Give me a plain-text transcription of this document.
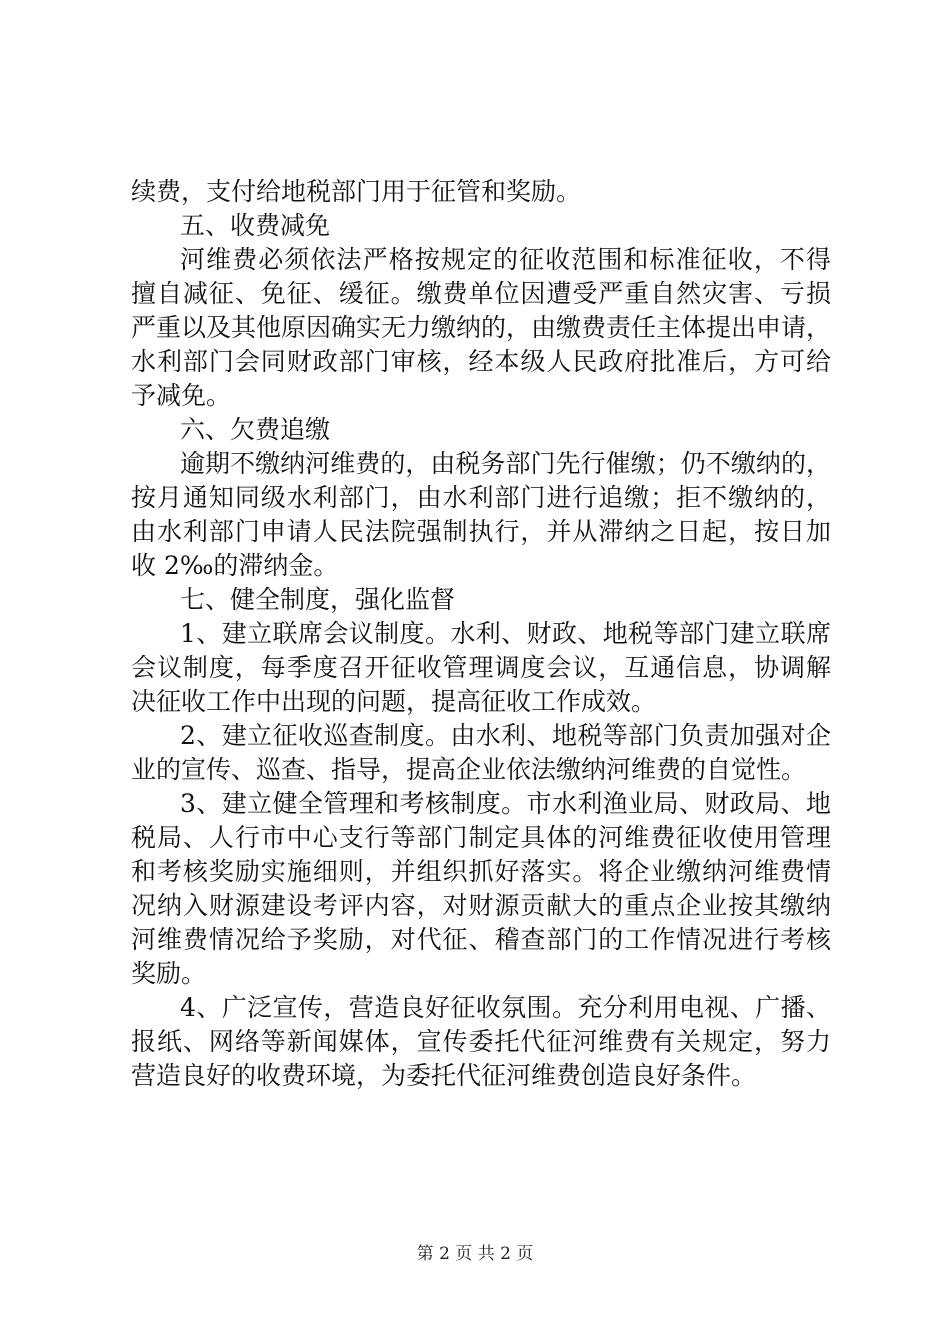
续费，支付给地税部门用于征管和奖励。
五、收费减免
河维费必须依法严格按规定的征收范围和标准征收，不得
擅自减征、免征、缓征。缴费单位因遭受严重自然灾害、亏损
严重以及其他原因确实无力缴纳的，由缴费责任主体提出申请，
水利部门会同财政部门审核，经本级人民政府批准后，方可给
予减免。
六、欠费追缴
逾期不缴纳河维费的，由税务部门先行催缴；仍不缴纳的，
按月通知同级水利部门，由水利部门进行追缴；拒不缴纳的，
由水利部门申请人民法院强制执行，并从滞纳之日起，按日加
收 2‰的滞纳金。
七、健全制度，强化监督
1、建立联席会议制度。水利、财政、地税等部门建立联席
会议制度，每季度召开征收管理调度会议，互通信息，协调解
决征收工作中出现的问题，提高征收工作成效。
2、建立征收巡查制度。由水利、地税等部门负责加强对企
业的宣传、巡查、指导，提高企业依法缴纳河维费的自觉性。
3、建立健全管理和考核制度。市水利渔业局、财政局、地
税局、人行市中心支行等部门制定具体的河维费征收使用管理
和考核奖励实施细则，并组织抓好落实。将企业缴纳河维费情
况纳入财源建设考评内容，对财源贡献大的重点企业按其缴纳
河维费情况给予奖励，对代征、稽查部门的工作情况进行考核
奖励。
4、广泛宣传，营造良好征收氛围。充分利用电视、广播、
报纸、网络等新闻媒体，宣传委托代征河维费有关规定，努力
营造良好的收费环境，为委托代征河维费创造良好条件。
第 2 页 共 2 页
